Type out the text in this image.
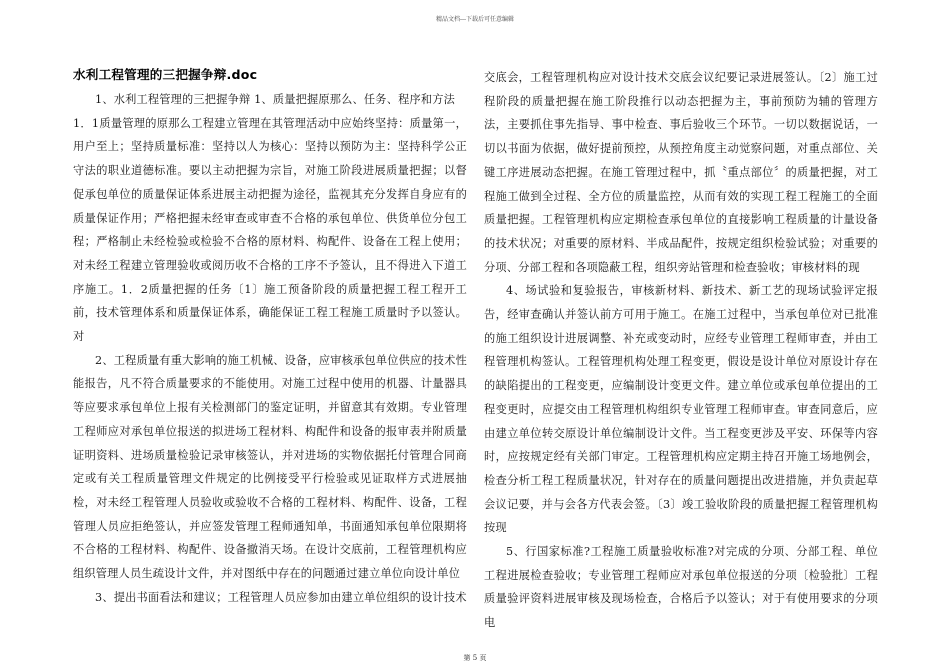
精品文档---下载后可任意编辑
水利工程管理的三把握争辩.doc

1、水利工程管理的三把握争辩 1、质量把握原那么、任务、程序和方法

1．1质量管理的原那么工程建立管理在其管理活动中应始终坚持：质量第一，用户至上；坚持质量标准：坚持以人为核心：坚持以预防为主：坚持科学公正守法的职业道德标准。要以主动把握为宗旨，对施工阶段进展质量把握；以督促承包单位的质量保证体系进展主动把握为途径，监视其充分发挥自身应有的质量保证作用；严格把握未经审查或审查不合格的承包单位、供货单位分包工程；严格制止未经检验或检验不合格的原材料、构配件、设备在工程上使用；对未经工程建立管理验收或阅历收不合格的工序不予签认，且不得进入下道工序施工。1．2质量把握的任务〔1〕施工预备阶段的质量把握工程工程开工前，技术管理体系和质量保证体系，确能保证工程工程施工质量时予以签认。对

2、工程质量有重大影响的施工机械、设备，应审核承包单位供应的技术性能报告，凡不符合质量要求的不能使用。对施工过程中使用的机器、计量器具等应要求承包单位上报有关检测部门的鉴定证明，并留意其有效期。专业管理工程师应对承包单位报送的拟进场工程材料、构配件和设备的报审表并附质量证明资料、进场质量检验记录审核签认，并对进场的实物依据托付管理合同商定或有关工程质量管理文件规定的比例接受平行检验或见证取样方式进展抽检，对未经工程管理人员验收或验收不合格的工程材料、构配件、设备，工程管理人员应拒绝签认，并应签发管理工程师通知单，书面通知承包单位限期将不合格的工程材料、构配件、设备撤消天场。在设计交底前，工程管理机构应组织管理人员生疏设计文件，并对图纸中存在的问题通过建立单位向设计单位

3、提出书面看法和建议；工程管理人员应参加由建立单位组织的设计技术

交底会，工程管理机构应对设计技术交底会议纪要记录进展签认。〔2〕施工过程阶段的质量把握在施工阶段推行以动态把握为主，事前预防为辅的管理方法，主要抓住事先指导、事中检查、事后验收三个环节。一切以数据说话，一切以书面为依据，做好提前预控，从预控角度主动觉察问题，对重点部位、关键工序进展动态把握。在施工管理过程中，抓〝重点部位〞的质量把握，对工程施工做到全过程、全方位的质量监控，从而有效的实现工程工程施工的全面质量把握。工程管理机构应定期检查承包单位的直接影响工程质量的计量设备的技术状况；对重要的原材料、半成品配件，按规定组织检验试验；对重要的分项、分部工程和各项隐蔽工程，组织旁站管理和检查验收；审核材料的现

4、场试验和复验报告，审核新材料、新技术、新工艺的现场试验评定报告，经审查确认并签认前方可用于施工。在施工过程中，当承包单位对已批准的施工组织设计进展调整、补充或变动时，应经专业管理工程师审查，并由工程管理机构签认。工程管理机构处理工程变更，假设是设计单位对原设计存在的缺陷提出的工程变更，应编制设计变更文件。建立单位或承包单位提出的工程变更时，应提交由工程管理机构组织专业管理工程师审查。审查同意后，应由建立单位转交原设计单位编制设计文件。当工程变更涉及平安、环保等内容时，应按规定经有关部门审定。工程管理机构应定期主持召开施工场地例会，检查分析工程工程质量状况，针对存在的质量问题提出改进措施，并负责起草会议记要，并与会各方代表会签。〔3〕竣工验收阶段的质量把握工程管理机构按现

5、行国家标准?工程施工质量验收标准?对完成的分项、分部工程、单位工程进展检查验收；专业管理工程师应对承包单位报送的分项〔检验批〕工程质量验评资料进展审核及现场检查，合格后予以签认；对于有使用要求的分项电

第 5 页
